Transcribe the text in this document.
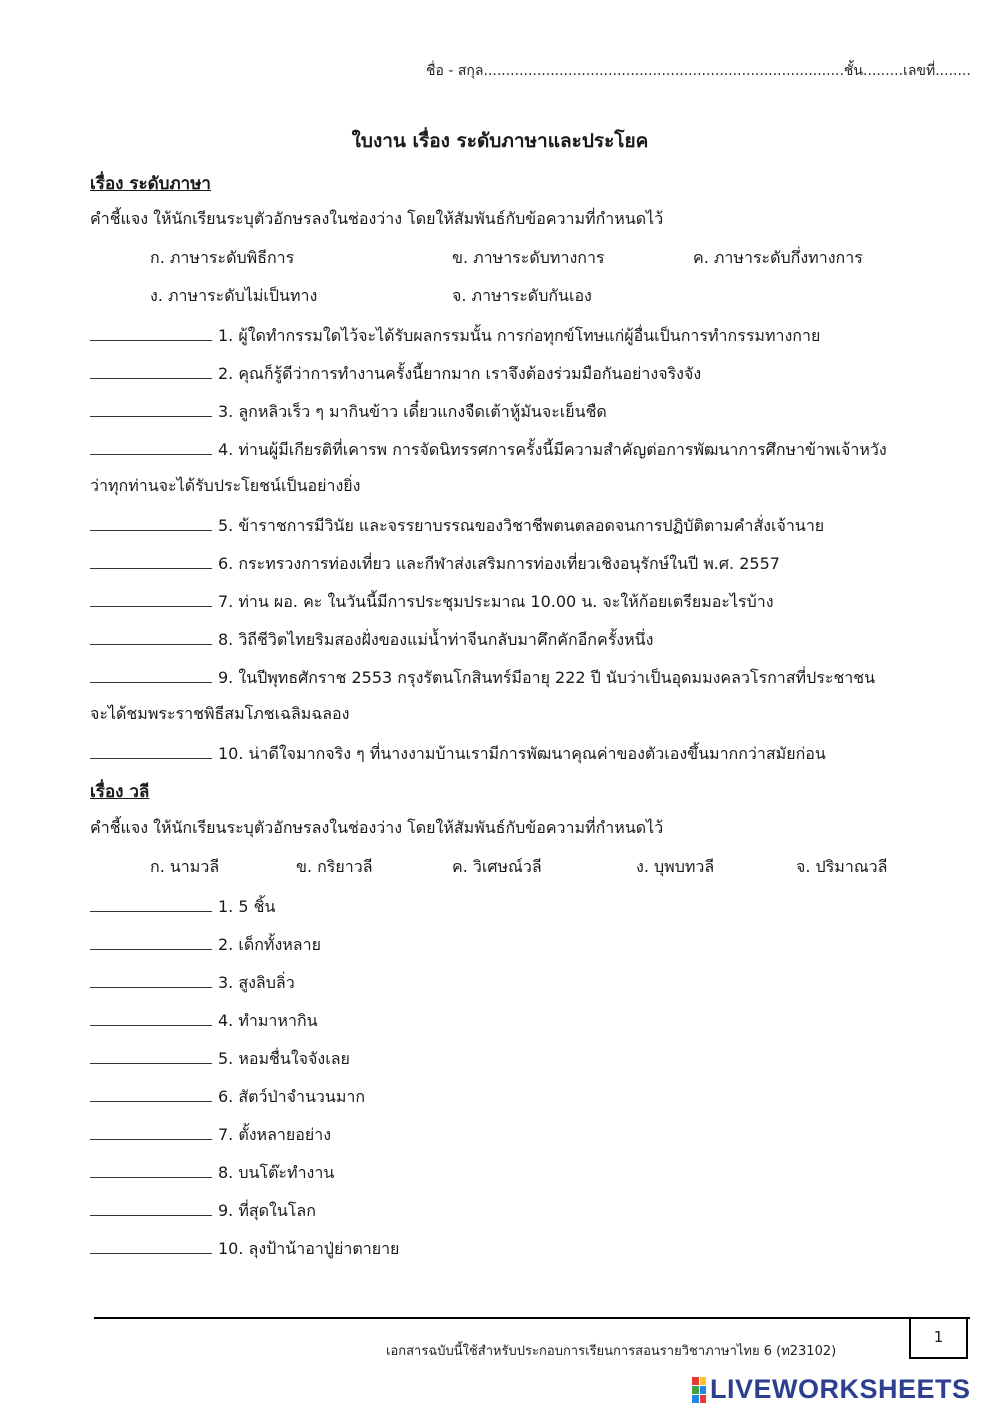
ชื่อ - สกุล.................................................................................ชั้น.........เลขที่........
ใบงาน เรื่อง ระดับภาษาและประโยค
เรื่อง ระดับภาษา
คำชี้แจง ให้นักเรียนระบุตัวอักษรลงในช่องว่าง โดยให้สัมพันธ์กับข้อความที่กำหนดไว้
ก. ภาษาระดับพิธีการ	ข. ภาษาระดับทางการ	ค. ภาษาระดับกึ่งทางการ
ง. ภาษาระดับไม่เป็นทาง	จ. ภาษาระดับกันเอง
1. ผู้ใดทำกรรมใดไว้จะได้รับผลกรรมนั้น การก่อทุกข์โทษแก่ผู้อื่นเป็นการทำกรรมทางกาย
2. คุณก็รู้ดีว่าการทำงานครั้งนี้ยากมาก เราจึงต้องร่วมมือกันอย่างจริงจัง
3. ลูกหลิวเร็ว ๆ มากินข้าว เดี๋ยวแกงจืดเต้าหู้มันจะเย็นชืด
4. ท่านผู้มีเกียรติที่เคารพ การจัดนิทรรศการครั้งนี้มีความสำคัญต่อการพัฒนาการศึกษาข้าพเจ้าหวัง
ว่าทุกท่านจะได้รับประโยชน์เป็นอย่างยิ่ง
5. ข้าราชการมีวินัย และจรรยาบรรณของวิชาชีพตนตลอดจนการปฏิบัติตามคำสั่งเจ้านาย
6. กระทรวงการท่องเที่ยว และกีฬาส่งเสริมการท่องเที่ยวเชิงอนุรักษ์ในปี พ.ศ. 2557
7. ท่าน ผอ. คะ ในวันนี้มีการประชุมประมาณ 10.00 น. จะให้ก้อยเตรียมอะไรบ้าง
8. วิถีชีวิตไทยริมสองฝั่งของแม่น้ำท่าจีนกลับมาคึกคักอีกครั้งหนึ่ง
9. ในปีพุทธศักราช 2553 กรุงรัตนโกสินทร์มีอายุ 222 ปี นับว่าเป็นอุดมมงคลวโรกาสที่ประชาชน
จะได้ชมพระราชพิธีสมโภชเฉลิมฉลอง
10. น่าดีใจมากจริง ๆ ที่นางงามบ้านเรามีการพัฒนาคุณค่าของตัวเองขึ้นมากกว่าสมัยก่อน
เรื่อง วลี
คำชี้แจง ให้นักเรียนระบุตัวอักษรลงในช่องว่าง โดยให้สัมพันธ์กับข้อความที่กำหนดไว้
ก. นามวลี	ข. กริยาวลี	ค. วิเศษณ์วลี	ง. บุพบทวลี	จ. ปริมาณวลี
1. 5 ชิ้น
2. เด็กทั้งหลาย
3. สูงลิบลิ่ว
4. ทำมาหากิน
5. หอมชื่นใจจังเลย
6. สัตว์ป่าจำนวนมาก
7. ตั้งหลายอย่าง
8. บนโต๊ะทำงาน
9. ที่สุดในโลก
10. ลุงป้าน้าอาปู่ย่าตายาย
เอกสารฉบับนี้ใช้สำหรับประกอบการเรียนการสอนรายวิชาภาษาไทย 6 (ท23102)
1
LIVEWORKSHEETS
